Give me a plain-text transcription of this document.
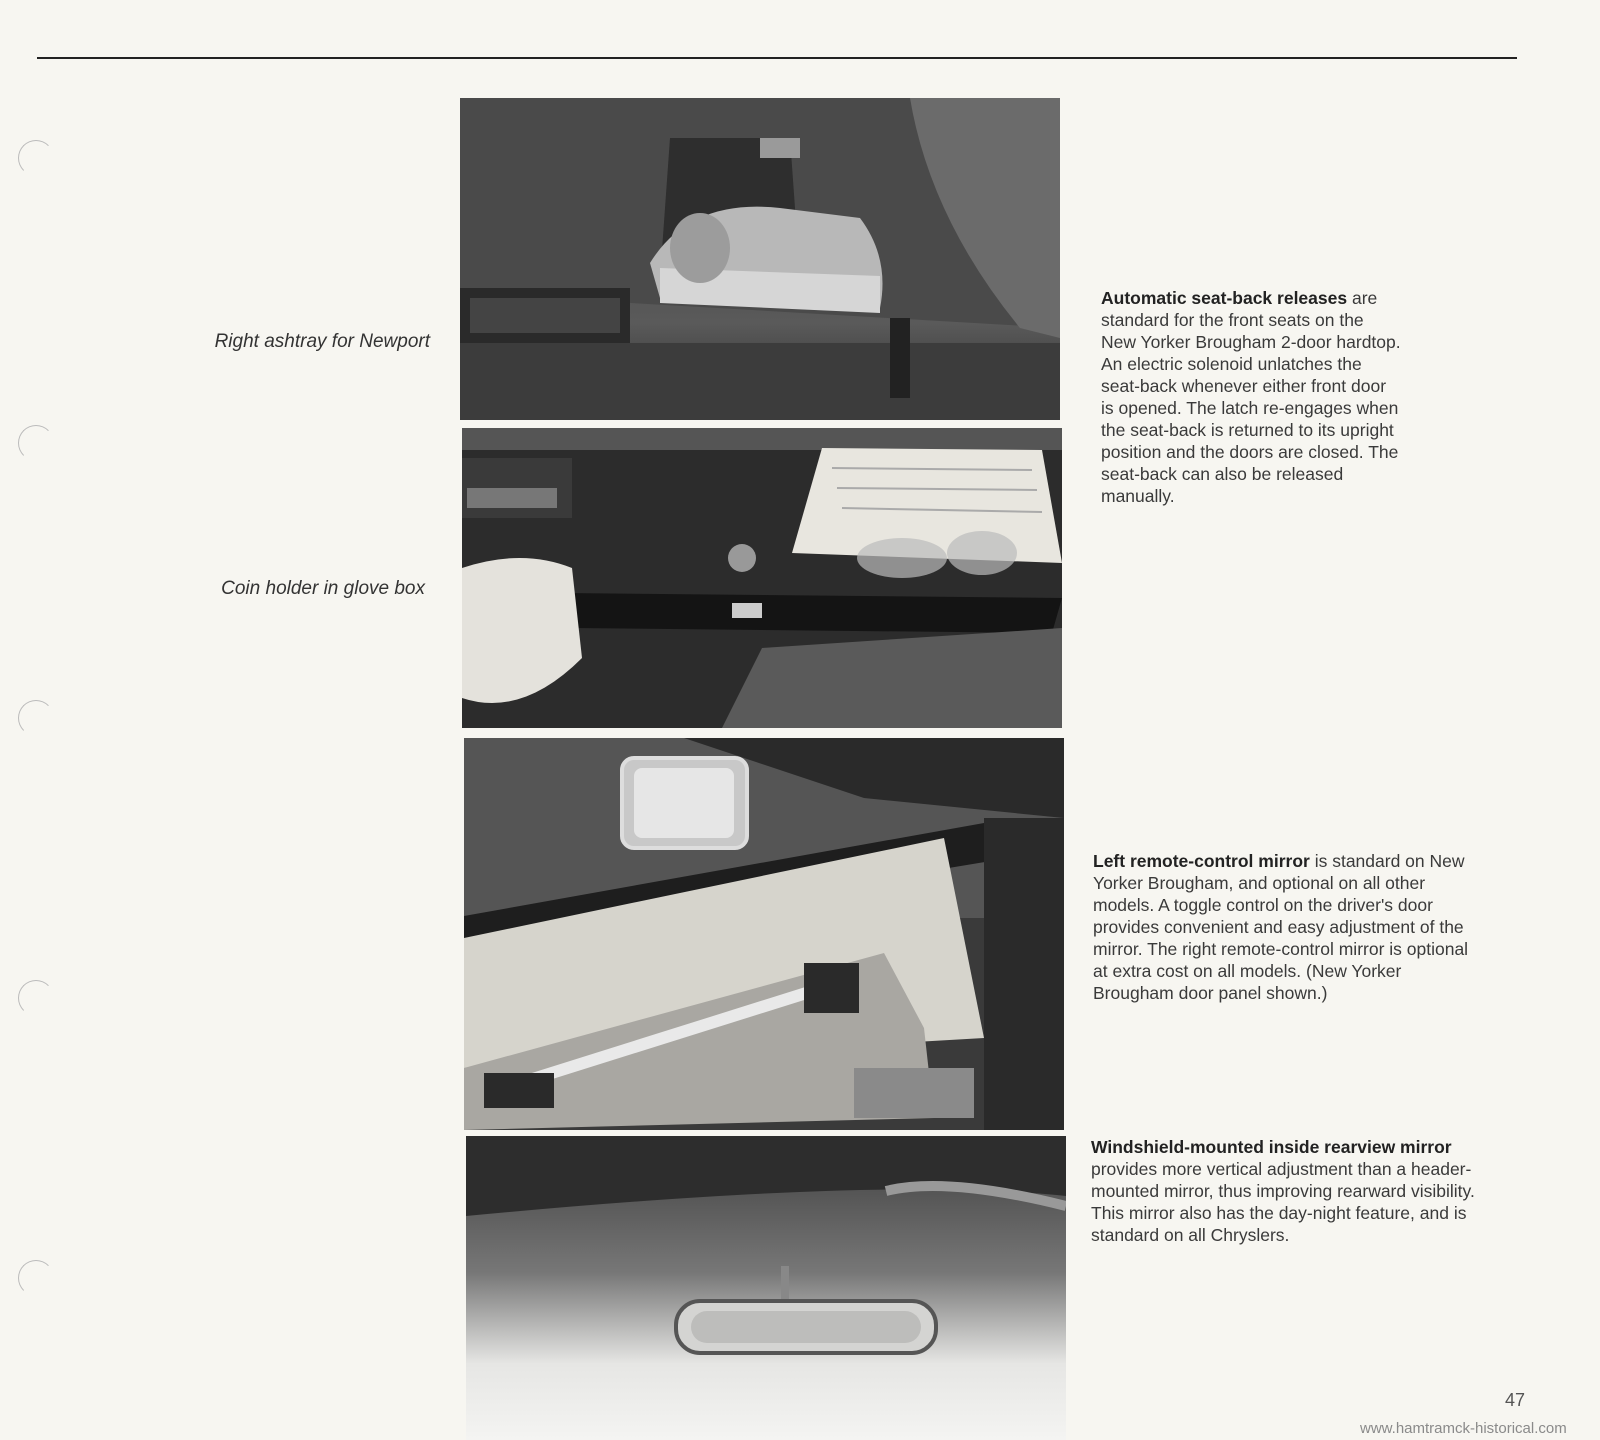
Right ashtray for Newport
Coin holder in glove box
Automatic seat-back releases are standard for the front seats on the New Yorker Brougham 2-door hardtop. An electric solenoid unlatches the seat-back whenever either front door is opened. The latch re-engages when the seat-back is returned to its upright position and the doors are closed. The seat-back can also be released manually.
Left remote-control mirror is standard on New Yorker Brougham, and optional on all other models. A toggle control on the driver's door provides convenient and easy adjustment of the mirror. The right remote-control mirror is optional at extra cost on all models. (New Yorker Brougham door panel shown.)
Windshield-mounted inside rearview mirror provides more vertical adjustment than a header-mounted mirror, thus improving rearward visibility. This mirror also has the day-night feature, and is standard on all Chryslers.
47
www.hamtramck-historical.com
